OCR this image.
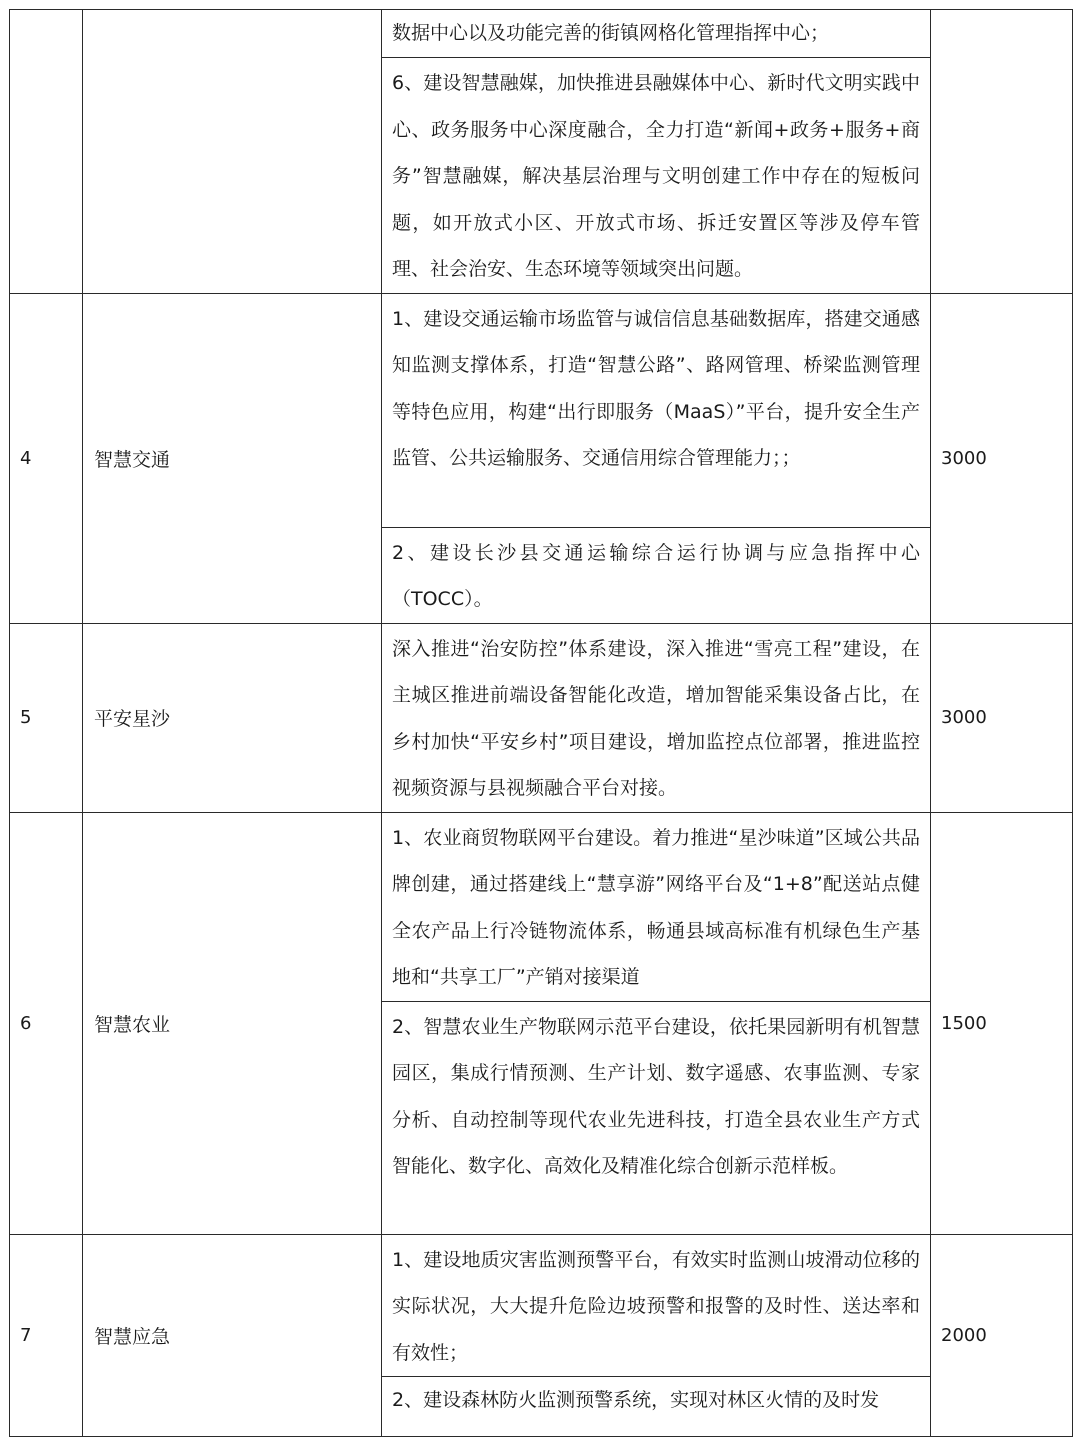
		数据中心以及功能完善的街镇网格化管理指挥中心；	
		6、建设智慧融媒，加快推进县融媒体中心、新时代文明实践中心、政务服务中心深度融合，全力打造“新闻+政务+服务+商务”智慧融媒，解决基层治理与文明创建工作中存在的短板问题，如开放式小区、开放式市场、拆迁安置区等涉及停车管理、社会治安、生态环境等领域突出问题。	
4	智慧交通	1、建设交通运输市场监管与诚信信息基础数据库，搭建交通感知监测支撑体系，打造“智慧公路”、路网管理、桥梁监测管理等特色应用，构建“出行即服务（MaaS）”平台，提升安全生产监管、公共运输服务、交通信用综合管理能力；；	3000
		2、建设长沙县交通运输综合运行协调与应急指挥中心（TOCC）。	
5	平安星沙	深入推进“治安防控”体系建设，深入推进“雪亮工程”建设，在主城区推进前端设备智能化改造，增加智能采集设备占比，在乡村加快“平安乡村”项目建设，增加监控点位部署，推进监控视频资源与县视频融合平台对接。	3000
6	智慧农业	1、农业商贸物联网平台建设。着力推进“星沙味道”区域公共品牌创建，通过搭建线上“慧享游”网络平台及“1+8”配送站点健全农产品上行冷链物流体系，畅通县域高标准有机绿色生产基地和“共享工厂”产销对接渠道	1500
		2、智慧农业生产物联网示范平台建设，依托果园新明有机智慧园区，集成行情预测、生产计划、数字遥感、农事监测、专家分析、自动控制等现代农业先进科技，打造全县农业生产方式智能化、数字化、高效化及精准化综合创新示范样板。	
7	智慧应急	1、建设地质灾害监测预警平台，有效实时监测山坡滑动位移的实际状况，大大提升危险边坡预警和报警的及时性、送达率和有效性；	2000
		2、建设森林防火监测预警系统，实现对林区火情的及时发	
